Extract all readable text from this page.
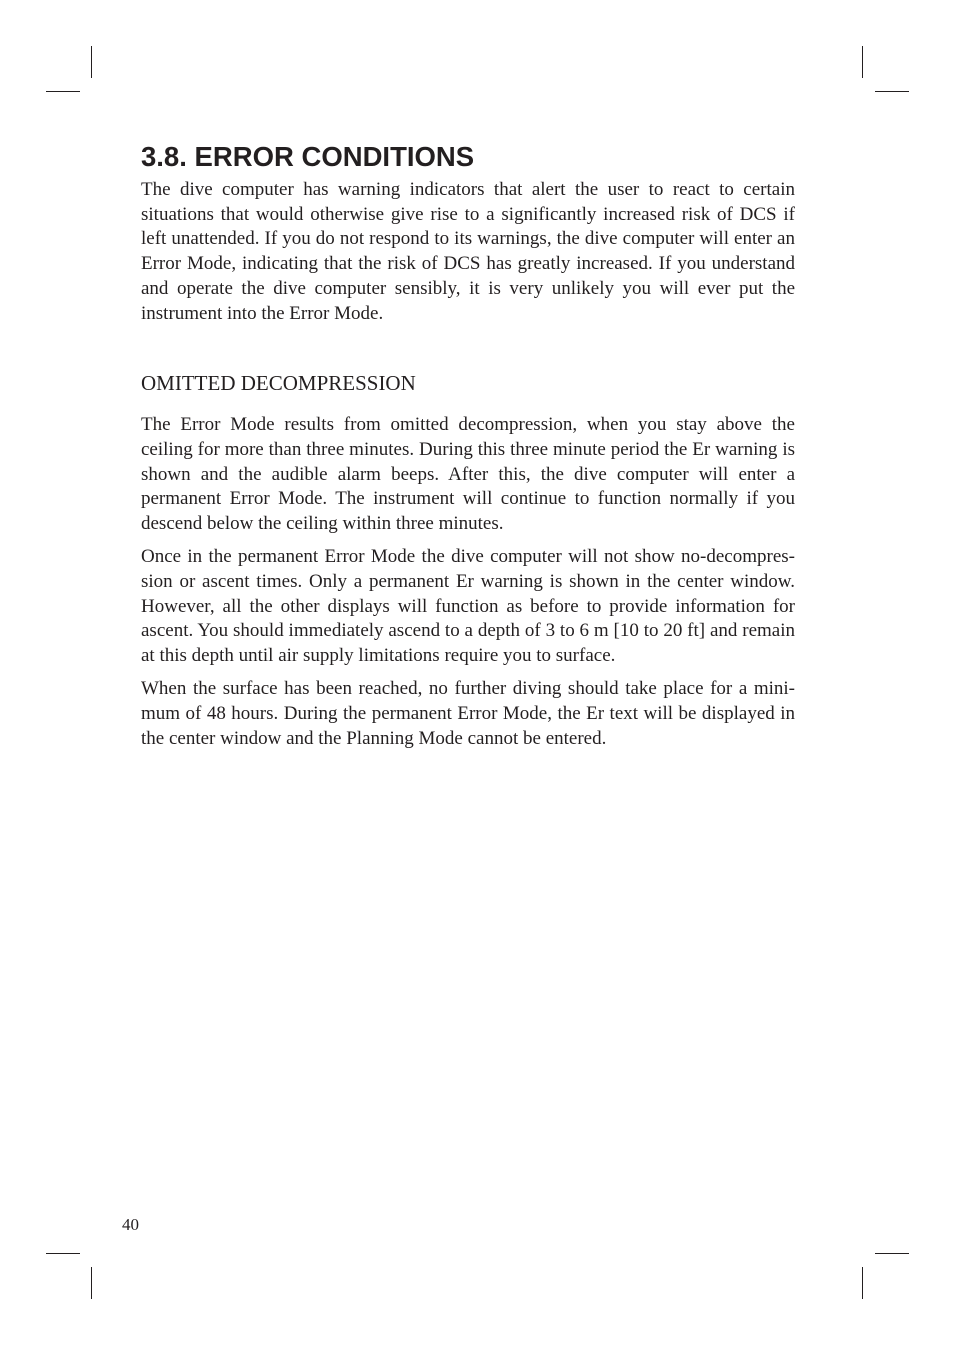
3.8. ERROR CONDITIONS

The dive computer has warning indicators that alert the user to react to certain situations that would otherwise give rise to a significantly increased risk of DCS if left unattended. If you do not respond to its warnings, the dive computer will enter an Error Mode, indicating that the risk of DCS has greatly increased. If you understand and operate the dive computer sensibly, it is very unlikely you will ever put the instrument into the Error Mode.

OMITTED DECOMPRESSION

The Error Mode results from omitted decompression, when you stay above the ceiling for more than three minutes. During this three minute period the Er warning is shown and the audible alarm beeps. After this, the dive computer will enter a permanent Error Mode. The instrument will continue to function normally if you descend below the ceiling within three minutes.

Once in the permanent Error Mode the dive computer will not show no-decompression or ascent times. Only a permanent Er warning is shown in the center window. However, all the other displays will function as before to provide information for ascent. You should immediately ascend to a depth of 3 to 6 m [10 to 20 ft] and remain at this depth until air supply limitations require you to surface.

When the surface has been reached, no further diving should take place for a minimum of 48 hours. During the permanent Error Mode, the Er text will be displayed in the center window and the Planning Mode cannot be entered.

40
